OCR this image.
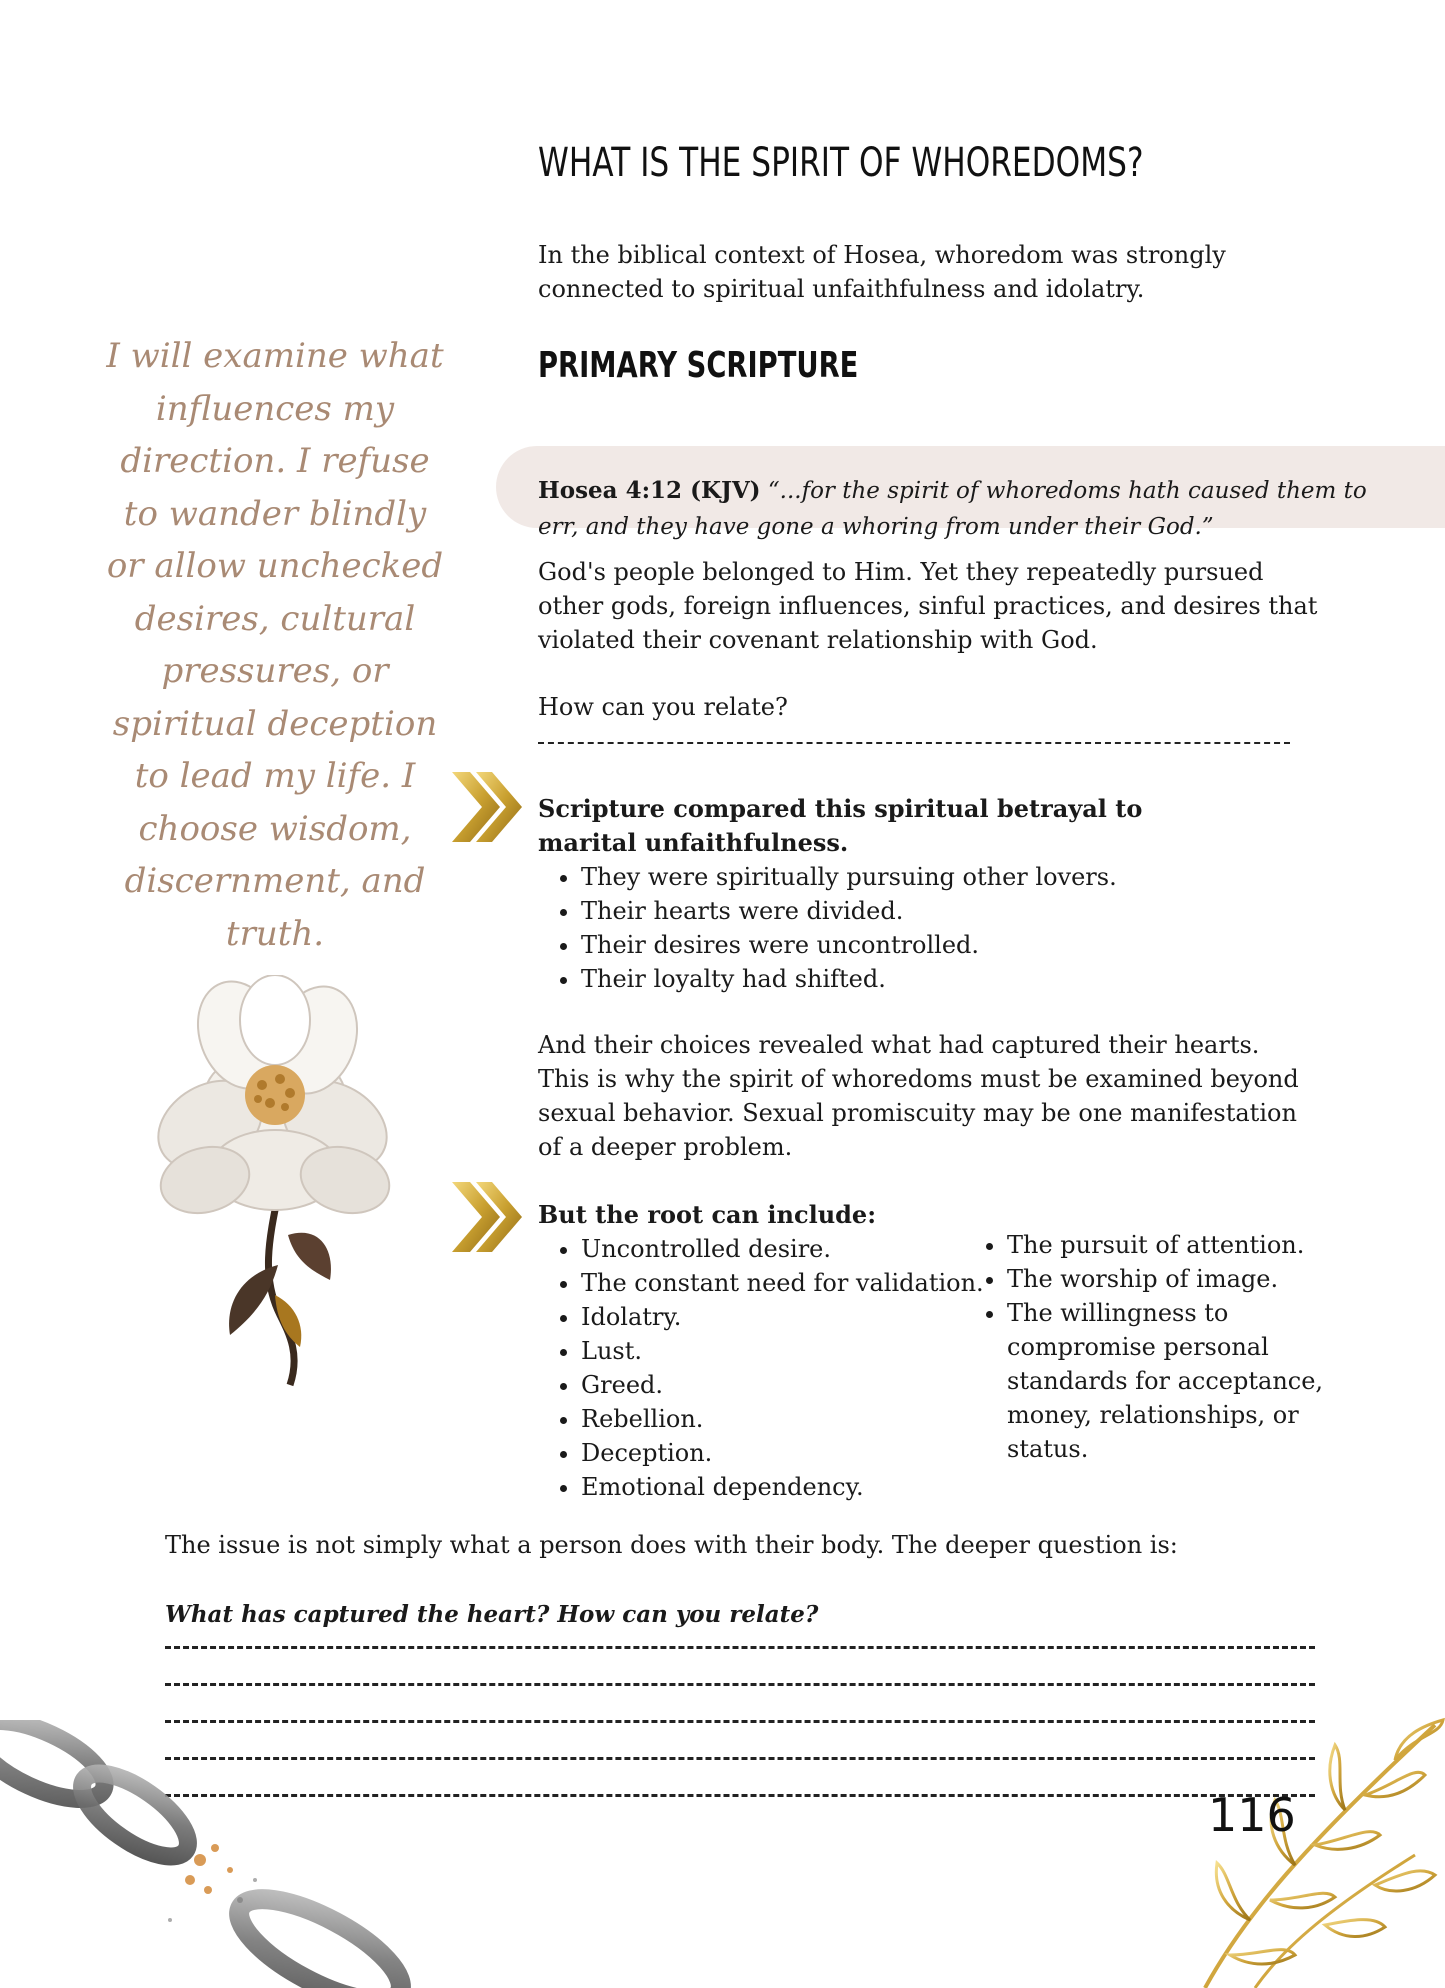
WHAT IS THE SPIRIT OF WHOREDOMS?

In the biblical context of Hosea, whoredom was strongly connected to spiritual unfaithfulness and idolatry.

PRIMARY SCRIPTURE

Hosea 4:12 (KJV) “...for the spirit of whoredoms hath caused them to err, and they have gone a whoring from under their God.”

God's people belonged to Him. Yet they repeatedly pursued other gods, foreign influences, sinful practices, and desires that violated their covenant relationship with God.

How can you relate?

Scripture compared this spiritual betrayal to marital unfaithfulness.

• They were spiritually pursuing other lovers.
• Their hearts were divided.
• Their desires were uncontrolled.
• Their loyalty had shifted.

And their choices revealed what had captured their hearts. This is why the spirit of whoredoms must be examined beyond sexual behavior. Sexual promiscuity may be one manifestation of a deeper problem.

But the root can include:

• Uncontrolled desire.
• The constant need for validation.
• Idolatry.
• Lust.
• Greed.
• Rebellion.
• Deception.
• Emotional dependency.
• The pursuit of attention.
• The worship of image.
• The willingness to compromise personal standards for acceptance, money, relationships, or status.

The issue is not simply what a person does with their body. The deeper question is:

What has captured the heart? How can you relate?

I will examine what influences my direction. I refuse to wander blindly or allow unchecked desires, cultural pressures, or spiritual deception to lead my life. I choose wisdom, discernment, and truth.

116
